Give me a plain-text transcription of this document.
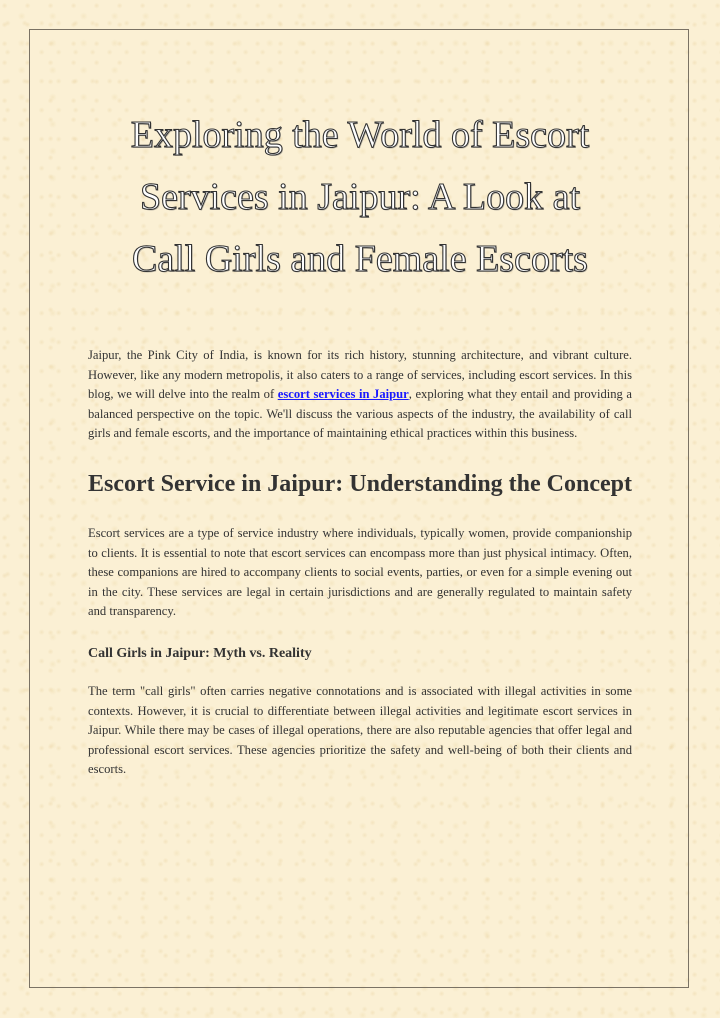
Exploring the World of Escort Services in Jaipur: A Look at Call Girls and Female Escorts

Jaipur, the Pink City of India, is known for its rich history, stunning architecture, and vibrant culture. However, like any modern metropolis, it also caters to a range of services, including escort services. In this blog, we will delve into the realm of escort services in Jaipur, exploring what they entail and providing a balanced perspective on the topic. We'll discuss the various aspects of the industry, the availability of call girls and female escorts, and the importance of maintaining ethical practices within this business.

Escort Service in Jaipur: Understanding the Concept

Escort services are a type of service industry where individuals, typically women, provide companionship to clients. It is essential to note that escort services can encompass more than just physical intimacy. Often, these companions are hired to accompany clients to social events, parties, or even for a simple evening out in the city. These services are legal in certain jurisdictions and are generally regulated to maintain safety and transparency.

Call Girls in Jaipur: Myth vs. Reality

The term "call girls" often carries negative connotations and is associated with illegal activities in some contexts. However, it is crucial to differentiate between illegal activities and legitimate escort services in Jaipur. While there may be cases of illegal operations, there are also reputable agencies that offer legal and professional escort services. These agencies prioritize the safety and well-being of both their clients and escorts.
